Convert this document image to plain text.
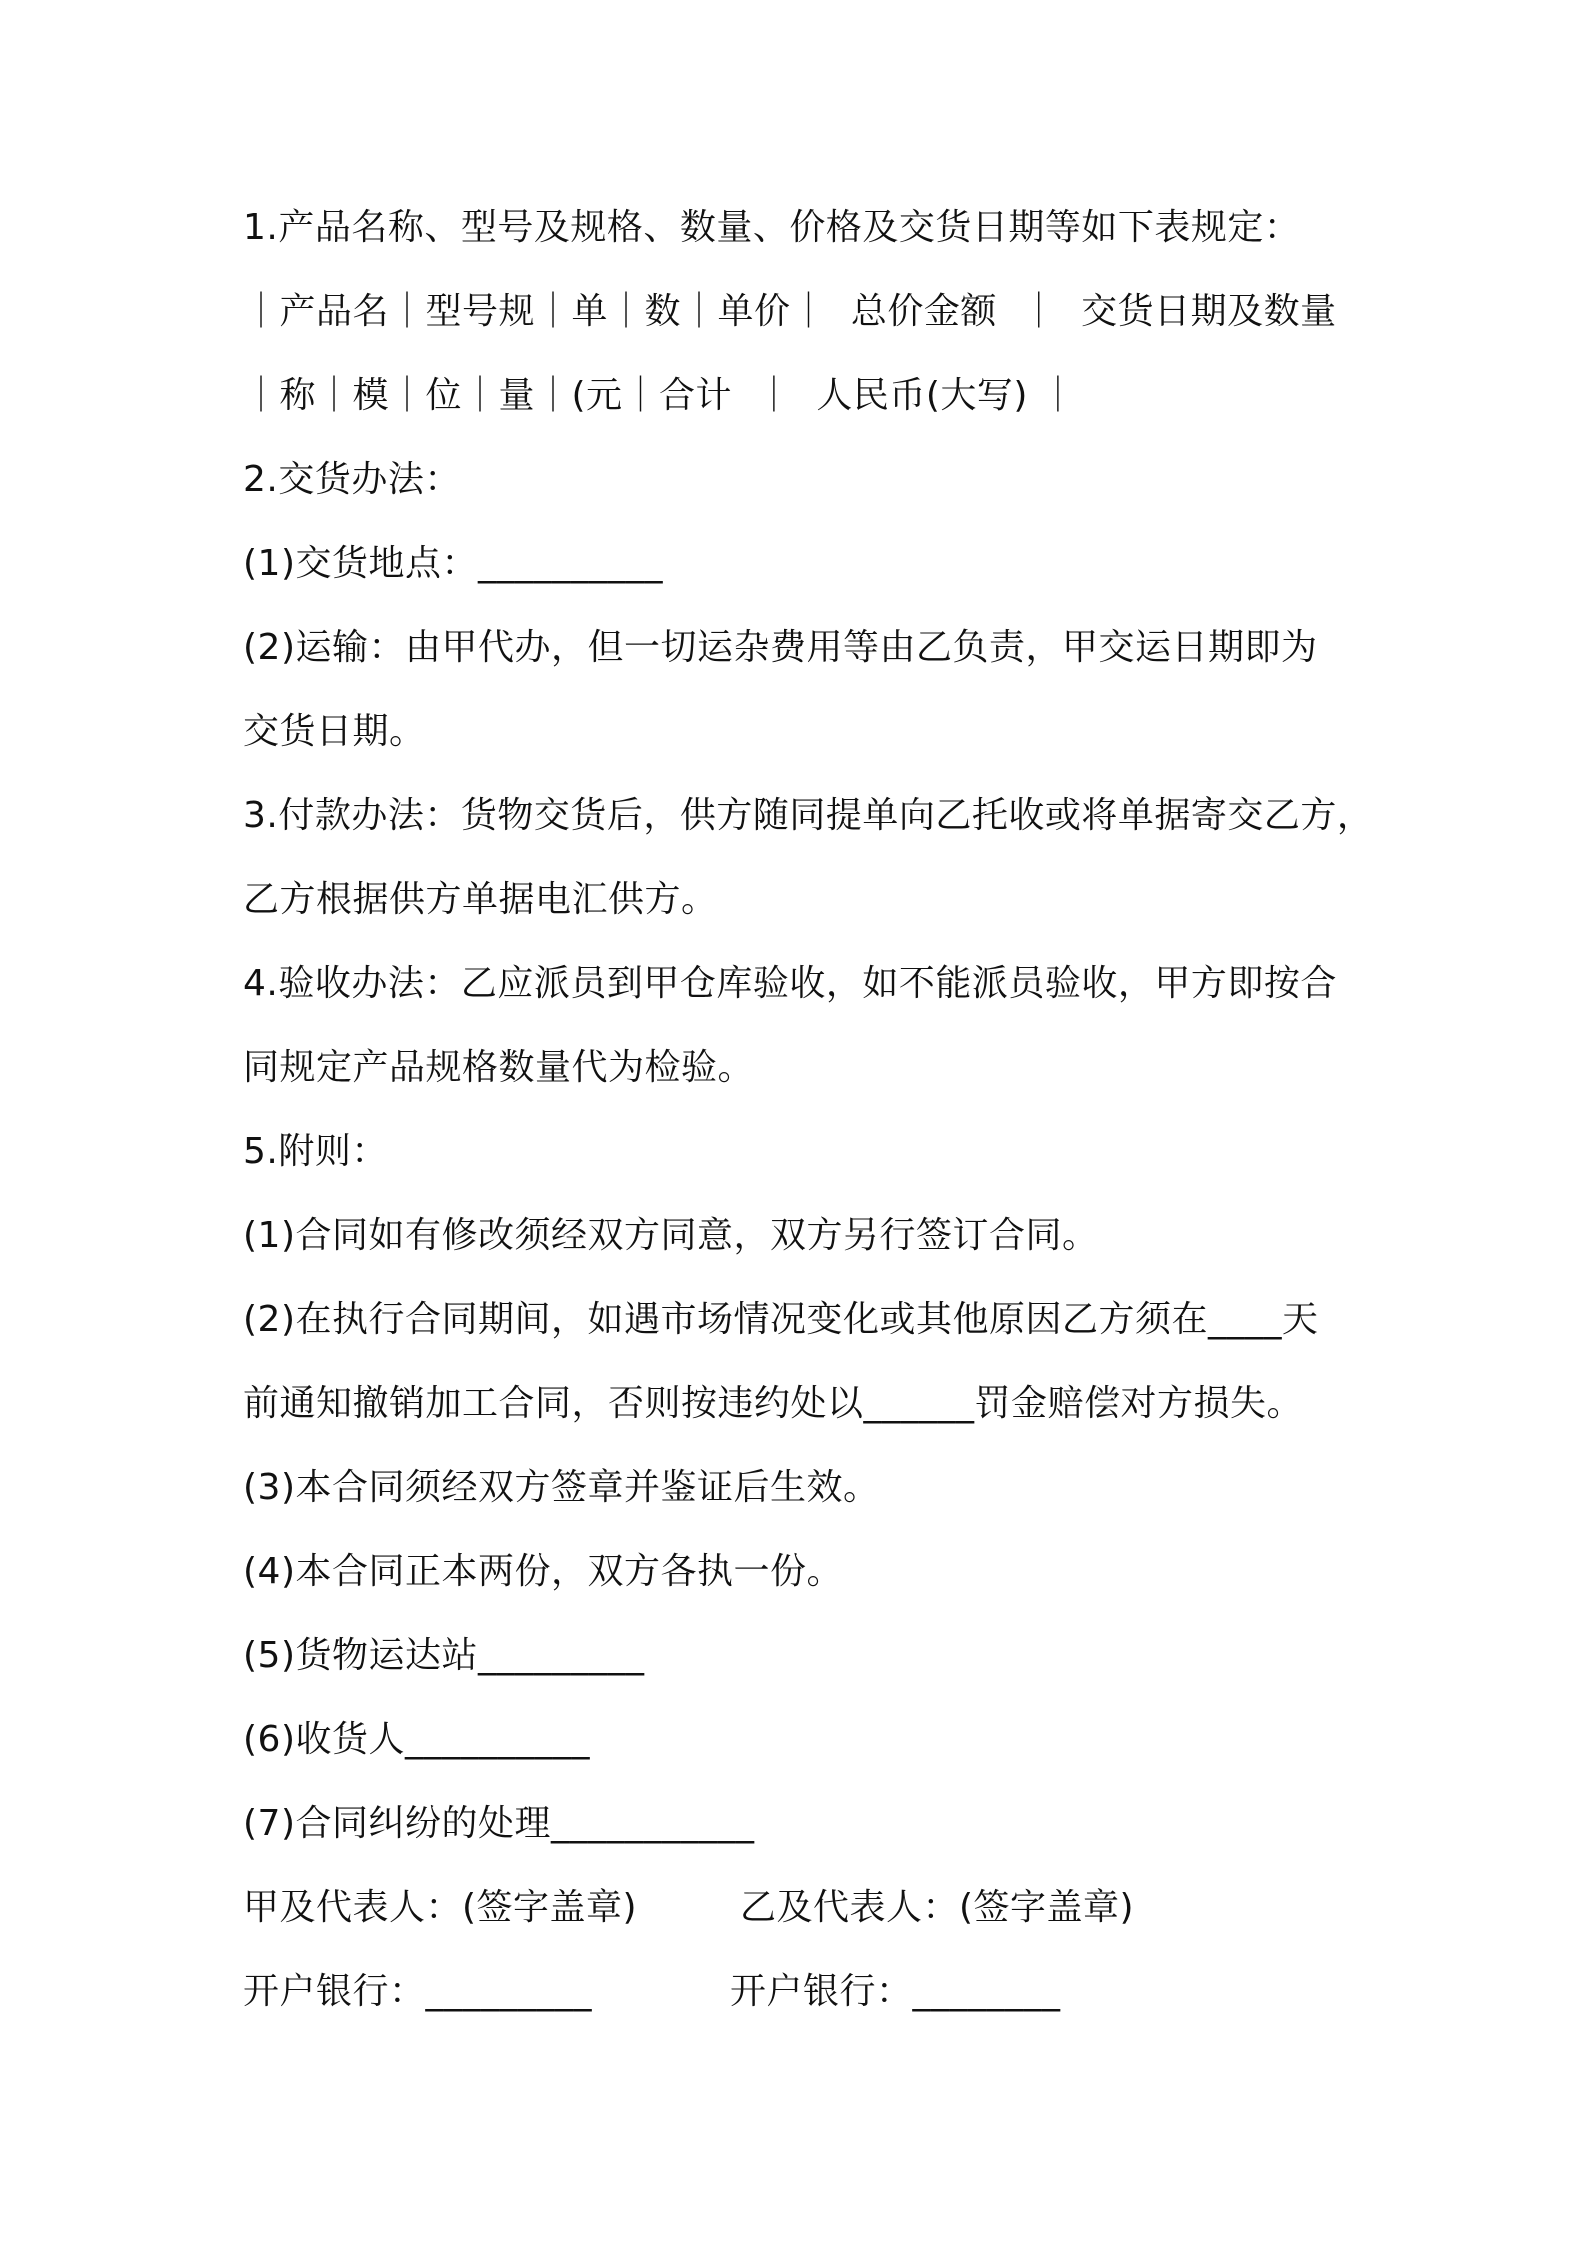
1.产品名称、型号及规格、数量、价格及交货日期等如下表规定：
｜产品名｜型号规｜单｜数｜单价｜  总价金额  ｜  交货日期及数量
｜称｜模｜位｜量｜(元｜合计  ｜  人民币(大写) ｜
2.交货办法：
(1)交货地点：__________
(2)运输：由甲代办，但一切运杂费用等由乙负责，甲交运日期即为
交货日期。
3.付款办法：货物交货后，供方随同提单向乙托收或将单据寄交乙方，
乙方根据供方单据电汇供方。
4.验收办法：乙应派员到甲仓库验收，如不能派员验收，甲方即按合
同规定产品规格数量代为检验。
5.附则：
(1)合同如有修改须经双方同意，双方另行签订合同。
(2)在执行合同期间，如遇市场情况变化或其他原因乙方须在____天
前通知撤销加工合同，否则按违约处以______罚金赔偿对方损失。
(3)本合同须经双方签章并鉴证后生效。
(4)本合同正本两份，双方各执一份。
(5)货物运达站_________
(6)收货人__________
(7)合同纠纷的处理___________

甲及代表人：(签字盖章)

	乙及代表人：(签字盖章)

开户银行：_________

	开户银行：________
